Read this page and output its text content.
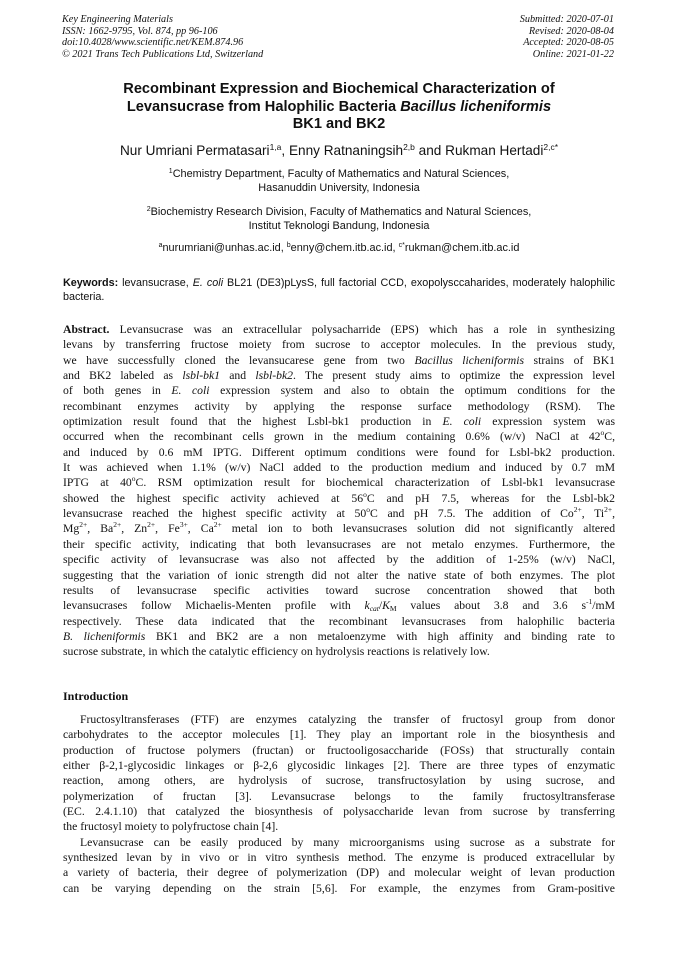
Key Engineering Materials
ISSN: 1662-9795, Vol. 874, pp 96-106
doi:10.4028/www.scientific.net/KEM.874.96
© 2021 Trans Tech Publications Ltd, Switzerland
Submitted: 2020-07-01
Revised: 2020-08-04
Accepted: 2020-08-05
Online: 2021-01-22
Recombinant Expression and Biochemical Characterization of
Levansucrase from Halophilic Bacteria Bacillus licheniformis
BK1 and BK2
Nur Umriani Permatasari$^{1,a}$, Enny Ratnaningsih$^{2,b}$ and Rukman Hertadi$^{2,c*}$
$^1$Chemistry Department, Faculty of Mathematics and Natural Sciences,
Hasanuddin University, Indonesia
$^2$Biochemistry Research Division, Faculty of Mathematics and Natural Sciences,
Institut Teknologi Bandung, Indonesia
$^a$nurumriani@unhas.ac.id, $^b$enny@chem.itb.ac.id, $^{c*}$rukman@chem.itb.ac.id
Keywords: levansucrase, E. coli BL21 (DE3)pLysS, full factorial CCD, exopolysccaharides, moderately halophilic bacteria.
Abstract. Levansucrase was an extracellular polysacharride (EPS) which has a role in synthesizing
levans by transferring fructose moiety from sucrose to acceptor molecules. In the previous study,
we have successfully cloned the levansucarese gene from two Bacillus licheniformis strains of BK1
and BK2 labeled as lsbl-bk1 and lsbl-bk2. The present study aims to optimize the expression level
of both genes in E. coli expression system and also to obtain the optimum conditions for the
recombinant enzymes activity by applying the response surface methodology (RSM). The
optimization result found that the highest Lsbl-bk1 production in E. coli expression system was
occurred when the recombinant cells grown in the medium containing 0.6% (w/v) NaCl at 42$^o$C,
and induced by 0.6 mM IPTG. Different optimum conditions were found for Lsbl-bk2 production.
It was achieved when 1.1% (w/v) NaCl added to the production medium and induced by 0.7 mM
IPTG at 40$^o$C. RSM optimization result for biochemical characterization of Lsbl-bk1 levansucrase
showed the highest specific activity achieved at 56$^o$C and pH 7.5, whereas for the Lsbl-bk2
levansucrase reached the highest specific activity at 50$^o$C and pH 7.5. The addition of $Co^{2+}$, $Ti^{2+}$,
$Mg^{2+}$, $Ba^{2+}$, $Zn^{2+}$, $Fe^{3+}$, $Ca^{2+}$ metal ion to both levansucrases solution did not significantly altered
their specific activity, indicating that both levansucrases are not metalo enzymes. Furthermore, the
specific activity of levansucrase was also not affected by the addition of 1-25% (w/v) NaCl,
suggesting that the variation of ionic strength did not alter the native state of both enzymes. The plot
results of levansucrase specific activities toward sucrose concentration showed that both
levansucrases follow Michaelis-Menten profile with $k_{cat}/K_M$ values about 3.8 and 3.6 $s^{-1}/mM$
respectively. These data indicated that the recombinant levansucrases from halophilic bacteria
B. licheniformis BK1 and BK2 are a non metaloenzyme with high affinity and binding rate to
sucrose substrate, in which the catalytic efficiency on hydrolysis reactions is relatively low.
Introduction
Fructosyltransferases (FTF) are enzymes catalyzing the transfer of fructosyl group from donor
carbohydrates to the acceptor molecules [1]. They play an important role in the biosynthesis and
production of fructose polymers (fructan) or fructooligosaccharide (FOSs) that structurally contain
either β-2,1-glycosidic linkages or β-2,6 glycosidic linkages [2]. There are three types of enzymatic
reaction, among others, are hydrolysis of sucrose, transfructosylation by using sucrose, and
polymerization of fructan [3]. Levansucrase belongs to the family fructosyltransferase
(EC. 2.4.1.10) that catalyzed the biosynthesis of polysaccharide levan from sucrose by transferring
the fructosyl moiety to polyfructose chain [4].
Levansucrase can be easily produced by many microorganisms using sucrose as a substrate for
synthesized levan by in vivo or in vitro synthesis method. The enzyme is produced extracellular by
a variety of bacteria, their degree of polymerization (DP) and molecular weight of levan production
can be varying depending on the strain [5,6]. For example, the enzymes from Gram-positive
